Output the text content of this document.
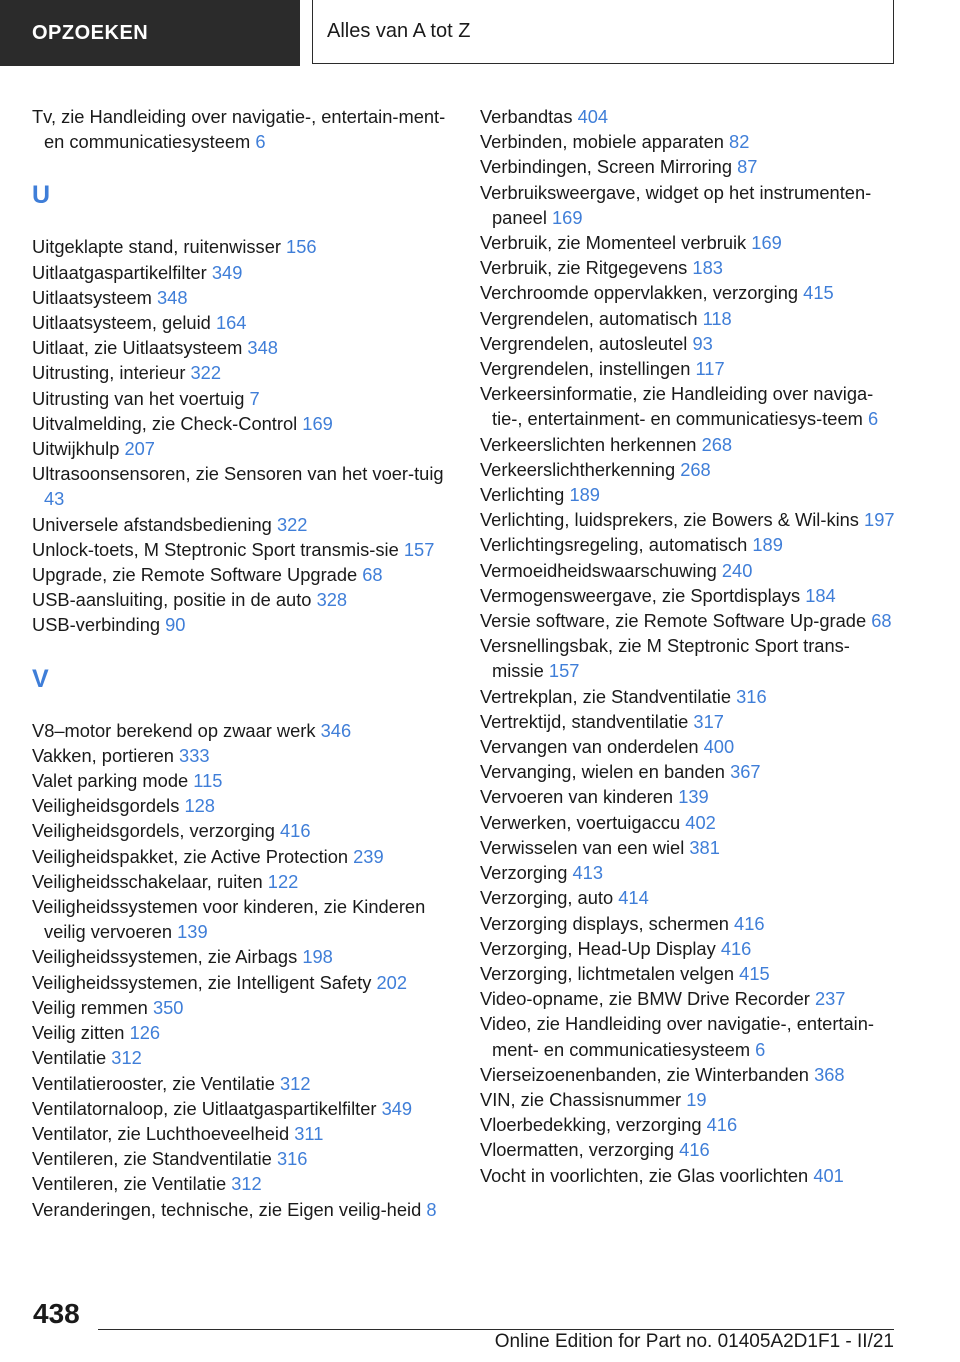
OPZOEKEN	Alles van A tot Z

Tv, zie Handleiding over navigatie-, entertain-ment- en communicatiesysteem 6

U

Uitgeklapte stand, ruitenwisser 156

Uitlaatgaspartikelfilter 349

Uitlaatsysteem 348

Uitlaatsysteem, geluid 164

Uitlaat, zie Uitlaatsysteem 348

Uitrusting, interieur 322

Uitrusting van het voertuig 7

Uitvalmelding, zie Check-Control 169

Uitwijkhulp 207

Ultrasoonsensoren, zie Sensoren van het voer-tuig 43

Universele afstandsbediening 322

Unlock-toets, M Steptronic Sport transmis-sie 157

Upgrade, zie Remote Software Upgrade 68

USB-aansluiting, positie in de auto 328

USB-verbinding 90

V

V8–motor berekend op zwaar werk 346

Vakken, portieren 333

Valet parking mode 115

Veiligheidsgordels 128

Veiligheidsgordels, verzorging 416

Veiligheidspakket, zie Active Protection 239

Veiligheidsschakelaar, ruiten 122

Veiligheidssystemen voor kinderen, zie Kinderen veilig vervoeren 139

Veiligheidssystemen, zie Airbags 198

Veiligheidssystemen, zie Intelligent Safety 202

Veilig remmen 350

Veilig zitten 126

Ventilatie 312

Ventilatierooster, zie Ventilatie 312

Ventilatornaloop, zie Uitlaatgaspartikelfilter 349

Ventilator, zie Luchthoeveelheid 311

Ventileren, zie Standventilatie 316

Ventileren, zie Ventilatie 312

Veranderingen, technische, zie Eigen veilig-heid 8

Verbandtas 404

Verbinden, mobiele apparaten 82

Verbindingen, Screen Mirroring 87

Verbruiksweergave, widget op het instrumenten-paneel 169

Verbruik, zie Momenteel verbruik 169

Verbruik, zie Ritgegevens 183

Verchroomde oppervlakken, verzorging 415

Vergrendelen, automatisch 118

Vergrendelen, autosleutel 93

Vergrendelen, instellingen 117

Verkeersinformatie, zie Handleiding over naviga-tie-, entertainment- en communicatiesys-teem 6

Verkeerslichten herkennen 268

Verkeerslichtherkenning 268

Verlichting 189

Verlichting, luidsprekers, zie Bowers & Wil-kins 197

Verlichtingsregeling, automatisch 189

Vermoeidheidswaarschuwing 240

Vermogensweergave, zie Sportdisplays 184

Versie software, zie Remote Software Up-grade 68

Versnellingsbak, zie M Steptronic Sport trans-missie 157

Vertrekplan, zie Standventilatie 316

Vertrektijd, standventilatie 317

Vervangen van onderdelen 400

Vervanging, wielen en banden 367

Vervoeren van kinderen 139

Verwerken, voertuigaccu 402

Verwisselen van een wiel 381

Verzorging 413

Verzorging, auto 414

Verzorging displays, schermen 416

Verzorging, Head-Up Display 416

Verzorging, lichtmetalen velgen 415

Video-opname, zie BMW Drive Recorder 237

Video, zie Handleiding over navigatie-, entertain-ment- en communicatiesysteem 6

Vierseizoenenbanden, zie Winterbanden 368

VIN, zie Chassisnummer 19

Vloerbedekking, verzorging 416

Vloermatten, verzorging 416

Vocht in voorlichten, zie Glas voorlichten 401

438
Online Edition for Part no. 01405A2D1F1 - II/21
